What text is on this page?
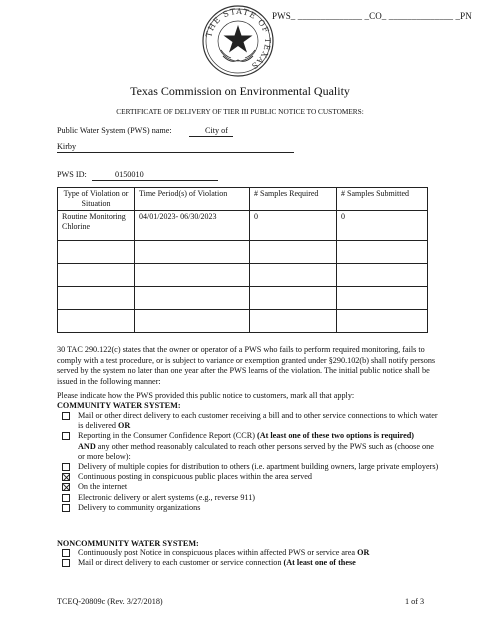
THE STATE OF TEXAS
PWS_ ______________ _CO_ ______________ _PN
Texas Commission on Environmental Quality
CERTIFICATE OF DELIVERY OF TIER III PUBLIC NOTICE TO CUSTOMERS:
Public Water System (PWS) name:	City of
Kirby
PWS ID:	0150010
Type of Violation or Situation	Time Period(s) of Violation	# Samples Required	# Samples Submitted
Routine Monitoring Chlorine	04/01/2023- 06/30/2023	0	0

30 TAC 290.122(c) states that the owner or operator of a PWS who fails to perform required monitoring, fails to comply with a test procedure, or is subject to variance or exemption granted under §290.102(b) shall notify persons served by the system no later than one year after the PWS learns of the violation. The initial public notice shall be issued in the following manner:
Please indicate how the PWS provided this public notice to customers, mark all that apply:
COMMUNITY WATER SYSTEM:
Mail or other direct delivery to each customer receiving a bill and to other service connections to which water is delivered OR
Reporting in the Consumer Confidence Report (CCR) (At least one of these two options is required)
AND any other method reasonably calculated to reach other persons served by the PWS such as (choose one or more below):
Delivery of multiple copies for distribution to others (i.e. apartment building owners, large private employers)
Continuous posting in conspicuous public places within the area served
On the internet
Electronic delivery or alert systems (e.g., reverse 911)
Delivery to community organizations
NONCOMMUNITY WATER SYSTEM:
Continuously post Notice in conspicuous places within affected PWS or service area OR
Mail or direct delivery to each customer or service connection (At least one of these
TCEQ-20809c (Rev. 3/27/2018)	1 of 3
